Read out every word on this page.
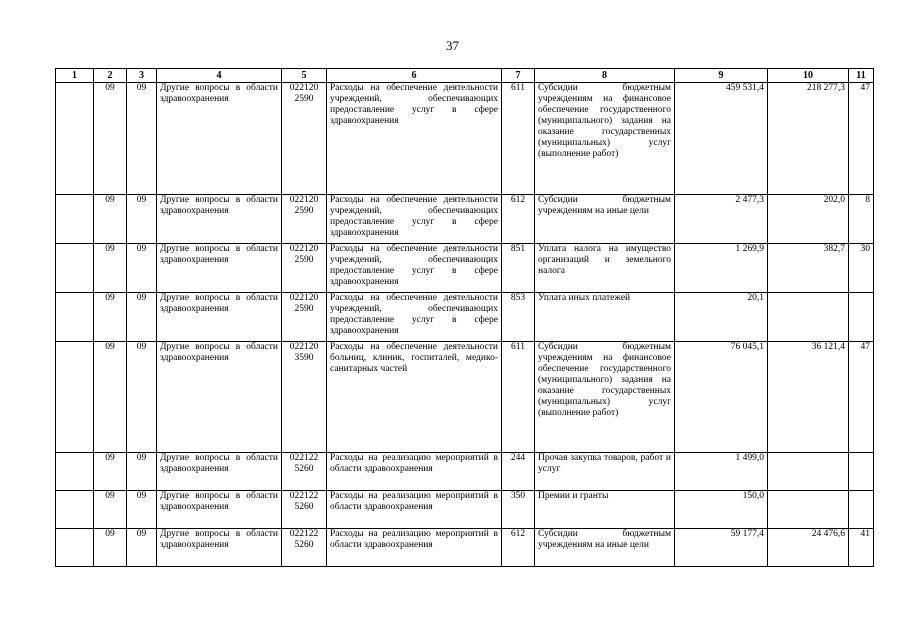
37
1	2	3	4	5	6	7	8	9	10	11
	09	09	Другие вопросы в области здравоохранения	022120 2590	Расходы на обеспечение деятельности учреждений, обеспечивающих предоставление услуг в сфере здравоохранения	611	Субсидии бюджетным учреждениям на финансовое обеспечение государственного (муниципального) задания на оказание государственных (муниципальных) услуг (выполнение работ)	459 531,4	218 277,3	47
	09	09	Другие вопросы в области здравоохранения	022120 2590	Расходы на обеспечение деятельности учреждений, обеспечивающих предоставление услуг в сфере здравоохранения	612	Субсидии бюджетным учреждениям на иные цели	2 477,3	202,0	8
	09	09	Другие вопросы в области здравоохранения	022120 2590	Расходы на обеспечение деятельности учреждений, обеспечивающих предоставление услуг в сфере здравоохранения	851	Уплата налога на имущество организаций и земельного налога	1 269,9	382,7	30
	09	09	Другие вопросы в области здравоохранения	022120 2590	Расходы на обеспечение деятельности учреждений, обеспечивающих предоставление услуг в сфере здравоохранения	853	Уплата иных платежей	20,1		
	09	09	Другие вопросы в области здравоохранения	022120 3590	Расходы на обеспечение деятельности больниц, клиник, госпиталей, медико-санитарных частей	611	Субсидии бюджетным учреждениям на финансовое обеспечение государственного (муниципального) задания на оказание государственных (муниципальных) услуг (выполнение работ)	76 045,1	36 121,4	47
	09	09	Другие вопросы в области здравоохранения	022122 5260	Расходы на реализацию мероприятий в области здравоохранения	244	Прочая закупка товаров, работ и услуг	1 499,0		
	09	09	Другие вопросы в области здравоохранения	022122 5260	Расходы на реализацию мероприятий в области здравоохранения	350	Премии и гранты	150,0		
	09	09	Другие вопросы в области здравоохранения	022122 5260	Расходы на реализацию мероприятий в области здравоохранения	612	Субсидии бюджетным учреждениям на иные цели	59 177,4	24 476,6	41
